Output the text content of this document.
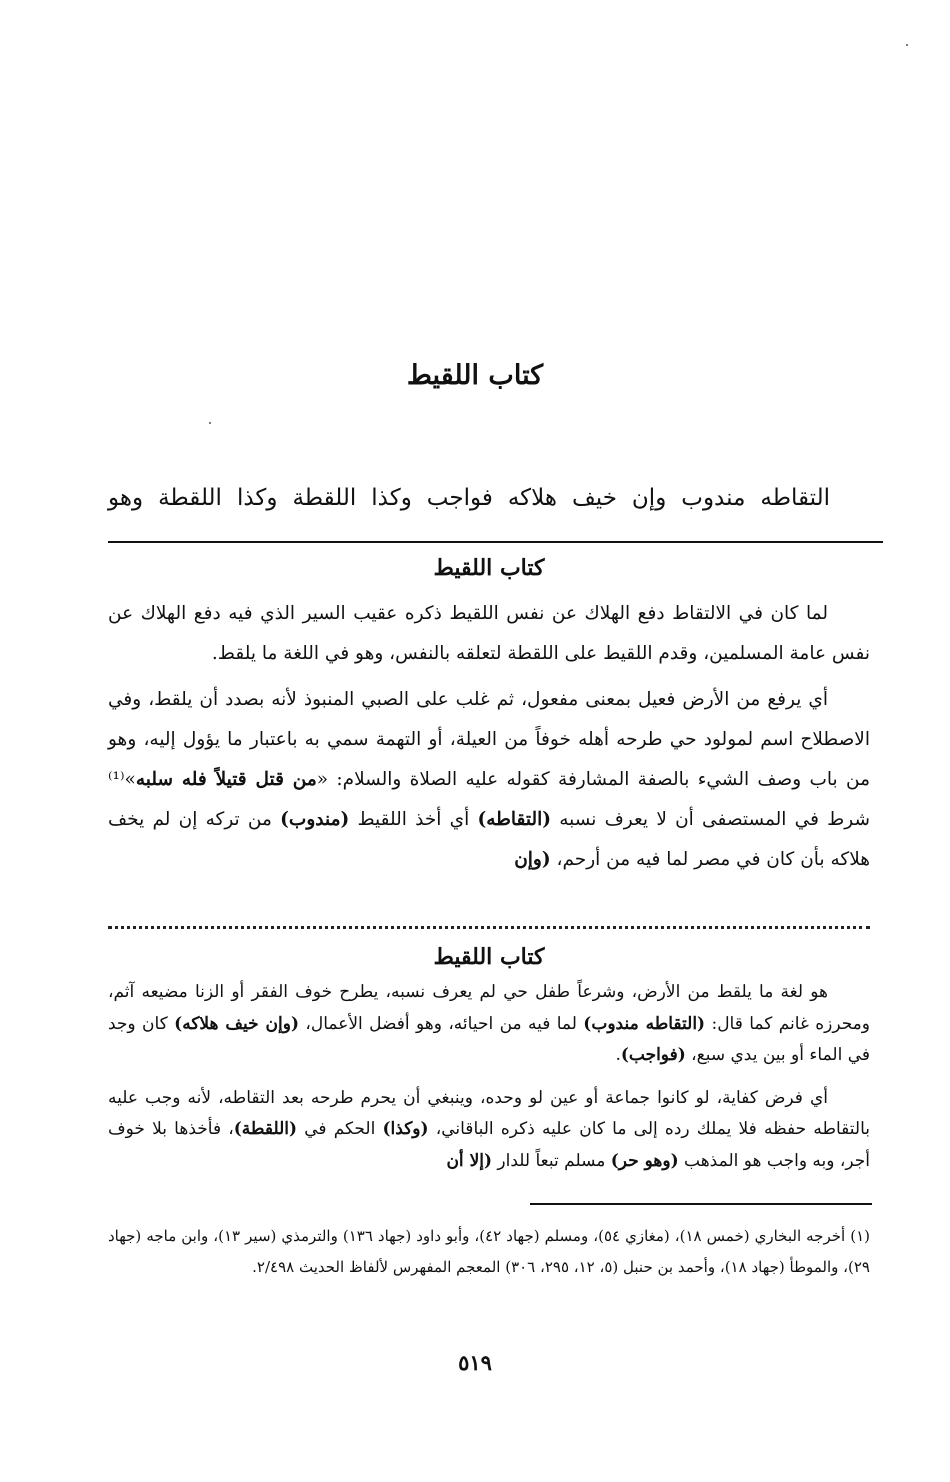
كتاب اللقيط

التقاطه مندوب وإن خيف هلاكه فواجب وكذا اللقطة وكذا اللقطة وهو

كتاب اللقيط

لما كان في الالتقاط دفع الهلاك عن نفس اللقيط ذكره عقيب السير الذي فيه دفع الهلاك عن نفس عامة المسلمين، وقدم اللقيط على اللقطة لتعلقه بالنفس، وهو في اللغة ما يلقط.

أي يرفع من الأرض فعيل بمعنى مفعول، ثم غلب على الصبي المنبوذ لأنه بصدد أن يلقط، وفي الاصطلاح اسم لمولود حي طرحه أهله خوفاً من العيلة، أو التهمة سمي به باعتبار ما يؤول إليه، وهو من باب وصف الشيء بالصفة المشارفة كقوله عليه الصلاة والسلام: «من قتل قتيلاً فله سلبه»⁽¹⁾ شرط في المستصفى أن لا يعرف نسبه (التقاطه) أي أخذ اللقيط (مندوب) من تركه إن لم يخف هلاكه بأن كان في مصر لما فيه من أرحم، (وإن

كتاب اللقيط

هو لغة ما يلقط من الأرض، وشرعاً طفل حي لم يعرف نسبه، يطرح خوف الفقر أو الزنا مضيعه آثم، ومحرزه غانم كما قال: (التقاطه مندوب) لما فيه من احيائه، وهو أفضل الأعمال، (وإن خيف هلاكه) كان وجد في الماء أو بين يدي سبع، (فواجب).

أي فرض كفاية، لو كانوا جماعة أو عين لو وحده، وينبغي أن يحرم طرحه بعد التقاطه، لأنه وجب عليه بالتقاطه حفظه فلا يملك رده إلى ما كان عليه ذكره الباقاني، (وكذا) الحكم في (اللقطة)، فأخذها بلا خوف أجر، وبه واجب هو المذهب (وهو حر) مسلم تبعاً للدار (إلا أن

(١) أخرجه البخاري (خمس ١٨)، (مغازي ٥٤)، ومسلم (جهاد ٤٢)، وأبو داود (جهاد ١٣٦) والترمذي (سير ١٣)، وابن ماجه (جهاد ٢٩)، والموطأ (جهاد ١٨)، وأحمد بن حنبل (٥، ١٢، ٢٩٥، ٣٠٦) المعجم المفهرس لألفاظ الحديث ٢/٤٩٨.

٥١٩
